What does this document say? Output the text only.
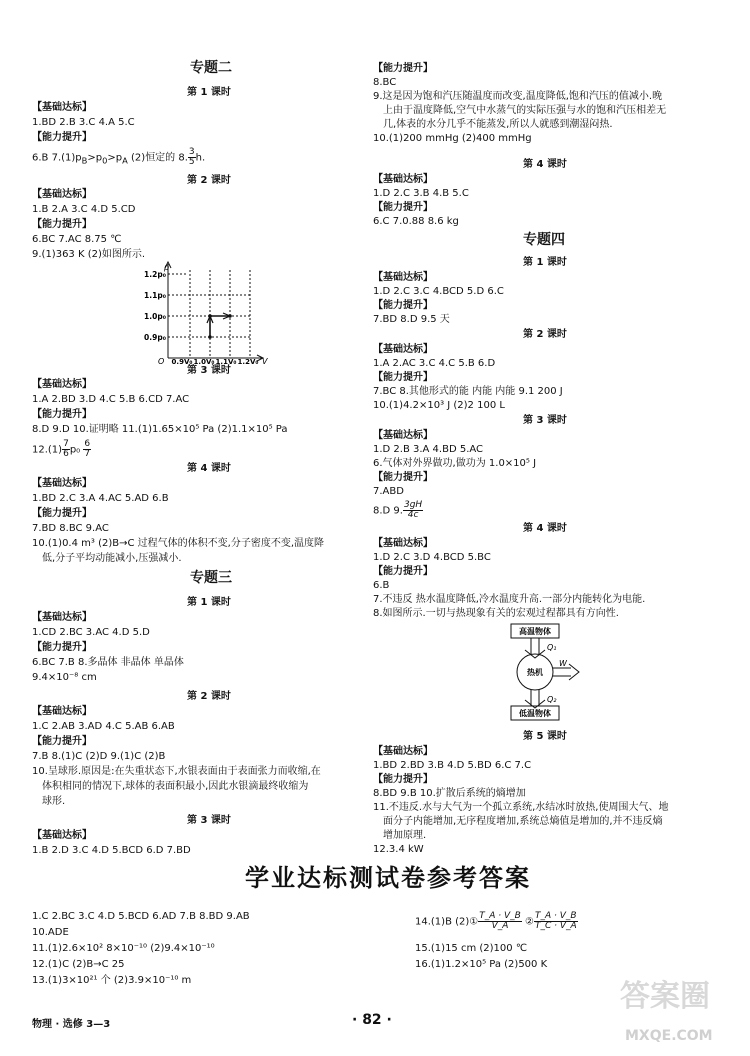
专题二
第 1 课时
【基础达标】
1.BD 2.B 3.C 4.A 5.C
【能力提升】
6.B $7.(1)p_B>p_0>p_A$ (2)恒定的 8. $\frac{3}{5} h$.
第 2 课时
【基础达标】
1.B 2.A 3.C 4.D 5.CD
【能力提升】
6.BC 7.AC 8.75 ℃
9.(1)363 K (2)如图所示.
p
V
O
1.2p₀
1.1p₀
1.0p₀
0.9p₀
0.9V₀ 1.0V₀ 1.1V₀ 1.2V₀
第 3 课时
【基础达标】
1.A 2.BD 3.D 4.C 5.B 6.CD 7.AC
【能力提升】
8.D 9.D 10.证明略 11.(1)1.65×10⁵ Pa (2)1.1×10⁵ Pa
$12.(1) \frac{7}{6} p_0 \frac{6}{7}$
第 4 课时
【基础达标】
1.BD 2.C 3.A 4.AC 5.AD 6.B
【能力提升】
7.BD 8.BC 9.AC
10.(1)0.4 m³ (2)B→C 过程气体的体积不变,分子密度不变,温度降
低,分子平均动能减小,压强减小.
专题三
第 1 课时
【基础达标】
1.CD 2.BC 3.AC 4.D 5.D
【能力提升】
6.BC 7.B 8.多晶体 非晶体 单晶体
9.4×10⁻⁸ cm
第 2 课时
【基础达标】
1.C 2.AB 3.AD 4.C 5.AB 6.AB
【能力提升】
7.B 8.(1)C (2)D 9.(1)C (2)B
10.呈球形.原因是:在失重状态下,水银表面由于表面张力而收缩,在
体积相同的情况下,球体的表面积最小,因此水银滴最终收缩为
球形.
第 3 课时
【基础达标】
1.B 2.D 3.C 4.D 5.BCD 6.D 7.BD
【能力提升】
8.BC
9.这是因为饱和汽压随温度而改变,温度降低,饱和汽压的值减小.晚
上由于温度降低,空气中水蒸气的实际压强与水的饱和汽压相差无
几,体表的水分几乎不能蒸发,所以人就感到潮湿闷热.
10.(1)200 mmHg (2)400 mmHg
第 4 课时
【基础达标】
1.D 2.C 3.B 4.B 5.C
【能力提升】
6.C 7.0.88 8.6 kg
专题四
第 1 课时
【基础达标】
1.D 2.C 3.C 4.BCD 5.D 6.C
【能力提升】
7.BD 8.D 9.5 天
第 2 课时
【基础达标】
1.A 2.AC 3.C 4.C 5.B 6.D
【能力提升】
7.BC 8.其他形式的能 内能 内能 9.1 200 J
10.(1)4.2×10³ J (2)2 100 L
第 3 课时
【基础达标】
1.D 2.B 3.A 4.BD 5.AC
6.气体对外界做功,做功为 1.0×10⁵ J
【能力提升】
7.ABD
8.D 9. $\frac{3gH}{4c}$
第 4 课时
【基础达标】
1.D 2.C 3.D 4.BCD 5.BC
【能力提升】
6.B
7.不违反 热水温度降低,冷水温度升高.一部分内能转化为电能.
8.如图所示.一切与热现象有关的宏观过程都具有方向性.
高温物体
热机
低温物体
Q₁
Q₂
W
第 5 课时
【基础达标】
1.BD 2.BD 3.B 4.D 5.BD 6.C 7.C
【能力提升】
8.BD 9.B 10.扩散后系统的熵增加
11.不违反.水与大气为一个孤立系统,水结冰时放热,使周围大气、地
面分子内能增加,无序程度增加,系统总熵值是增加的,并不违反熵
增加原理.
12.3.4 kW
学业达标测试卷参考答案
1.C 2.BC 3.C 4.D 5.BCD 6.AD 7.B 8.BD 9.AB
10.ADE
11.(1)2.6×10² 8×10⁻¹⁰ (2)9.4×10⁻¹⁰
12.(1)C (2)B→C 25
13.(1)3×10²¹ 个 (2)3.9×10⁻¹⁰ m
14.(1)B (2)① $\frac{T\_A \cdot V\_B}{V\_A}$ ② $\frac{T\_A \cdot V\_B}{T\_C \cdot V\_A}$
15.(1)15 cm (2)100 ℃
16.(1)1.2×10⁵ Pa (2)500 K
物理 · 选修 3—3	· 82 ·
答案圈
MXQE.COM
